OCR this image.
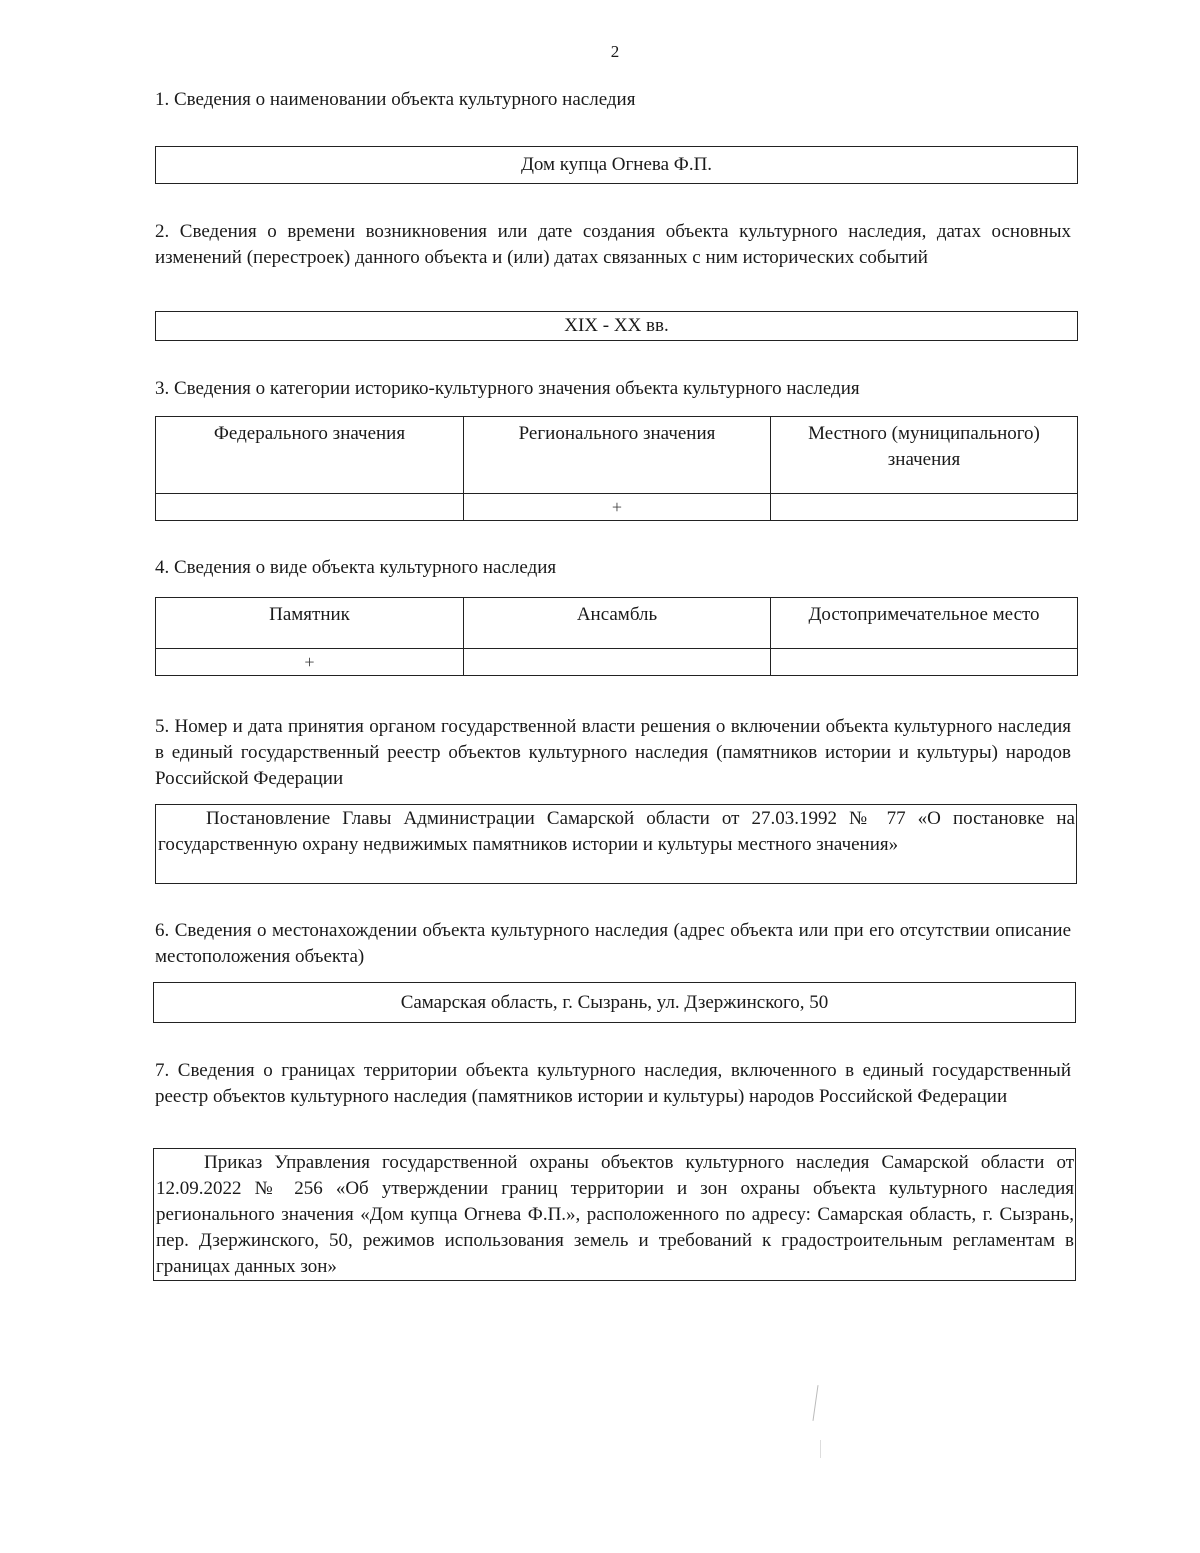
2

1. Сведения о наименовании объекта культурного наследия

Дом купца Огнева Ф.П.

2. Сведения о времени возникновения или дате создания объекта культурного наследия, датах основных изменений (перестроек) данного объекта и (или) датах связанных с ним исторических событий

XIX - XX вв.

3. Сведения о категории историко-культурного значения объекта культурного наследия

Федерального значения	Регионального значения	Местного (муниципального) значения
	+	

4. Сведения о виде объекта культурного наследия

Памятник	Ансамбль	Достопримечательное место
+		

5. Номер и дата принятия органом государственной власти решения о включении объекта культурного наследия в единый государственный реестр объектов культурного наследия (памятников истории и культуры) народов Российской Федерации

Постановление Главы Администрации Самарской области от 27.03.1992 № 77 «О постановке на государственную охрану недвижимых памятников истории и культуры местного значения»

6. Сведения о местонахождении объекта культурного наследия (адрес объекта или при его отсутствии описание местоположения объекта)

Самарская область, г. Сызрань, ул. Дзержинского, 50

7. Сведения о границах территории объекта культурного наследия, включенного в единый государственный реестр объектов культурного наследия (памятников истории и культуры) народов Российской Федерации

Приказ Управления государственной охраны объектов культурного наследия Самарской области от 12.09.2022 № 256 «Об утверждении границ территории и зон охраны объекта культурного наследия регионального значения «Дом купца Огнева Ф.П.», расположенного по адресу: Самарская область, г. Сызрань, пер. Дзержинского, 50, режимов использования земель и требований к градостроительным регламентам в границах данных зон»
